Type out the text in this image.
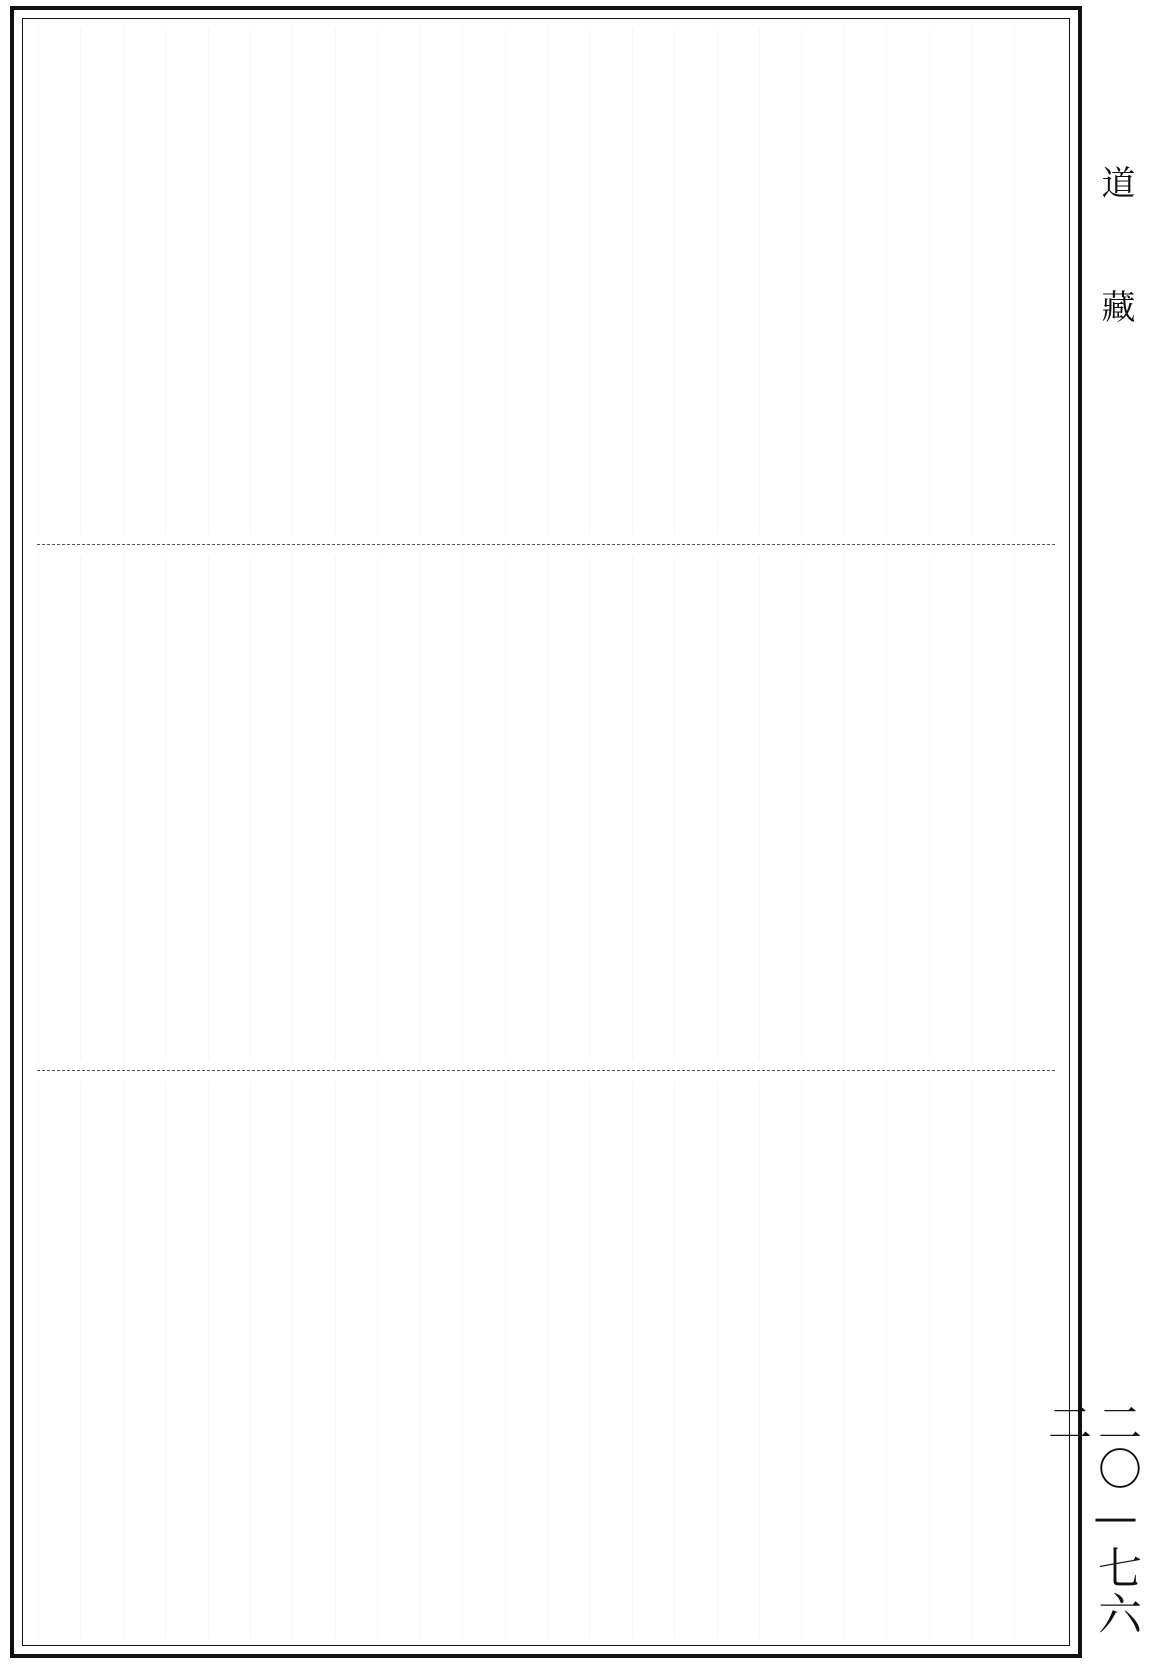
道藏
二〇—七六二
